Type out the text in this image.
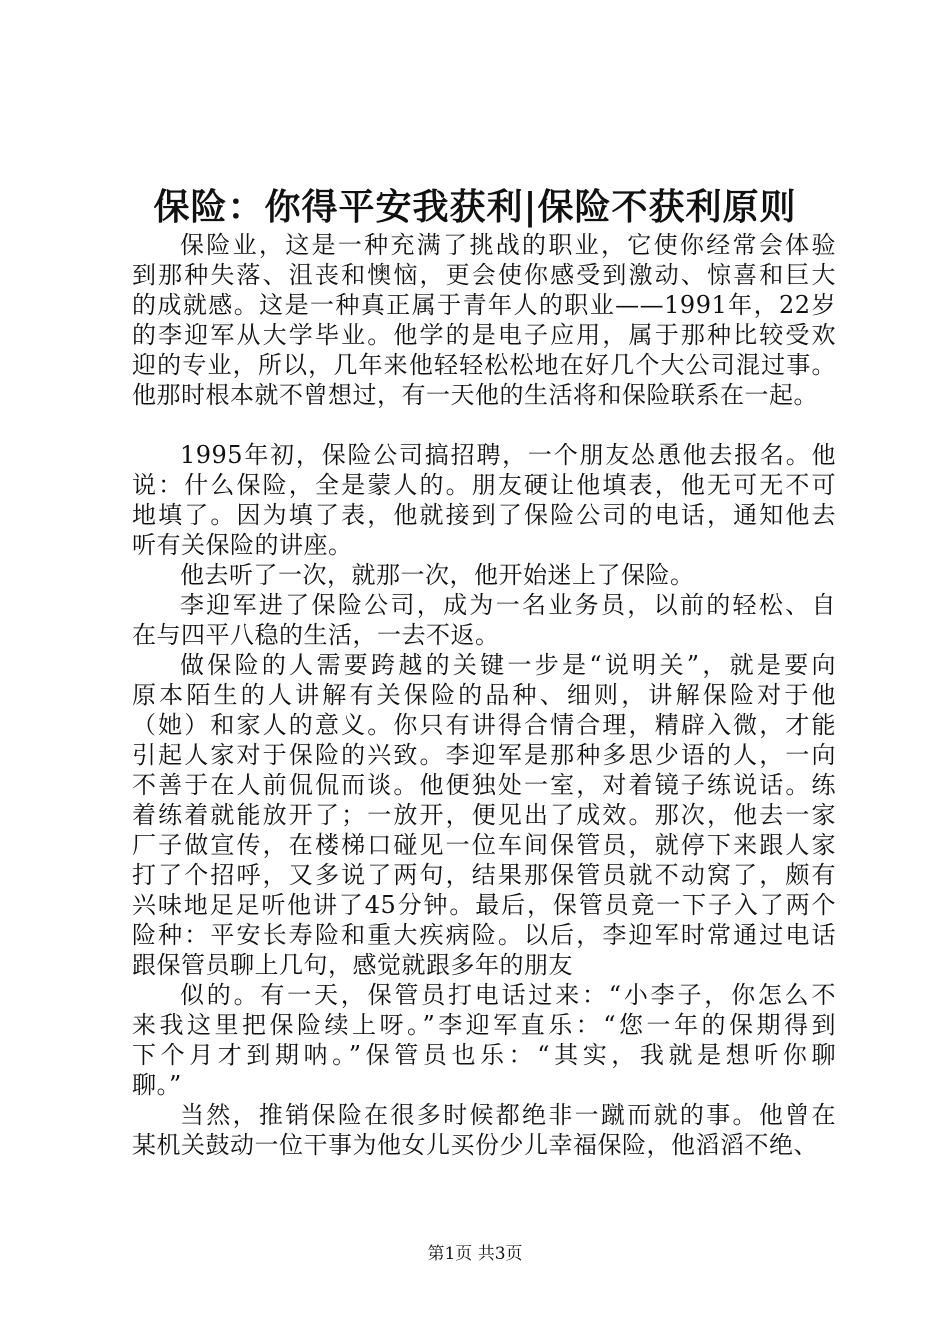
保险：你得平安我获利|保险不获利原则
保险业，这是一种充满了挑战的职业，它使你经常会体验
到那种失落、沮丧和懊恼，更会使你感受到激动、惊喜和巨大
的成就感。这是一种真正属于青年人的职业——1991年，22岁
的李迎军从大学毕业。他学的是电子应用，属于那种比较受欢
迎的专业，所以，几年来他轻轻松松地在好几个大公司混过事。
他那时根本就不曾想过，有一天他的生活将和保险联系在一起。
1995年初，保险公司搞招聘，一个朋友怂恿他去报名。他
说：什么保险，全是蒙人的。朋友硬让他填表，他无可无不可
地填了。因为填了表，他就接到了保险公司的电话，通知他去
听有关保险的讲座。
他去听了一次，就那一次，他开始迷上了保险。
李迎军进了保险公司，成为一名业务员，以前的轻松、自
在与四平八稳的生活，一去不返。
做保险的人需要跨越的关键一步是“说明关”，就是要向
原本陌生的人讲解有关保险的品种、细则，讲解保险对于他
（她）和家人的意义。你只有讲得合情合理，精辟入微，才能
引起人家对于保险的兴致。李迎军是那种多思少语的人，一向
不善于在人前侃侃而谈。他便独处一室，对着镜子练说话。练
着练着就能放开了；一放开，便见出了成效。那次，他去一家
厂子做宣传，在楼梯口碰见一位车间保管员，就停下来跟人家
打了个招呼，又多说了两句，结果那保管员就不动窝了，颇有
兴味地足足听他讲了45分钟。最后，保管员竟一下子入了两个
险种：平安长寿险和重大疾病险。以后，李迎军时常通过电话
跟保管员聊上几句，感觉就跟多年的朋友
似的。有一天，保管员打电话过来：“小李子，你怎么不
来我这里把保险续上呀。”李迎军直乐：“您一年的保期得到
下个月才到期呐。”保管员也乐：“其实，我就是想听你聊
聊。”
当然，推销保险在很多时候都绝非一蹴而就的事。他曾在
某机关鼓动一位干事为他女儿买份少儿幸福保险，他滔滔不绝、
第1页 共3页
